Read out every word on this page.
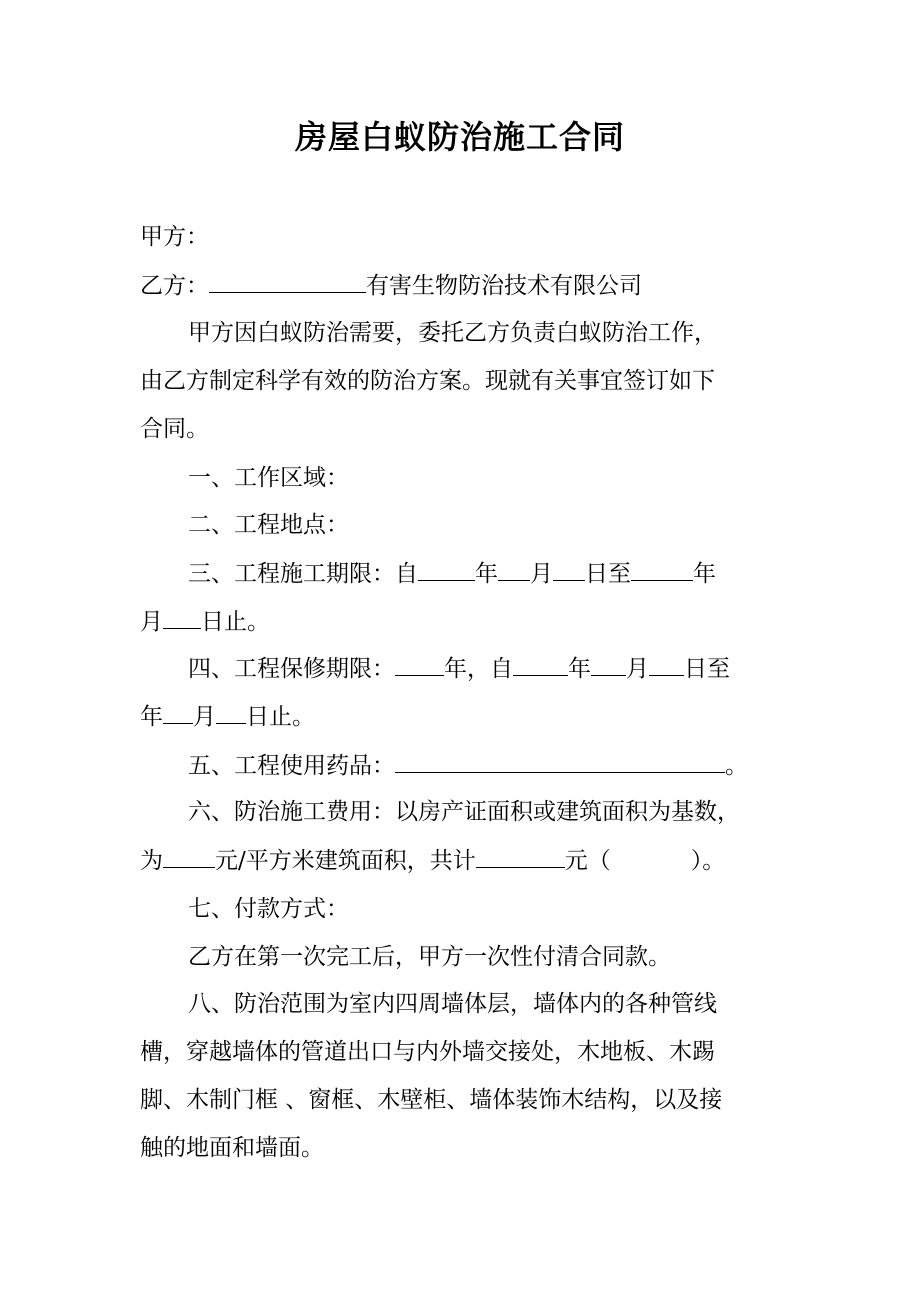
房屋白蚁防治施工合同
甲方：
乙方：	有害生物防治技术有限公司
甲方因白蚁防治需要，委托乙方负责白蚁防治工作，
由乙方制定科学有效的防治方案。现就有关事宜签订如下
合同。
一、工作区域：
二、工程地点：
三、工程施工期限：自 年 月 日至	年
月 日止。
四、工程保修期限： 年，自 年 月 日至
年 月 日止。
五、工程使用药品：	。
六、防治施工费用：以房产证面积或建筑面积为基数，
为 元/平方米建筑面积，共计	元（	）。
七、付款方式：
乙方在第一次完工后，甲方一次性付清合同款。
八、防治范围为室内四周墙体层，墙体内的各种管线
槽，穿越墙体的管道出口与内外墙交接处，木地板、木踢
脚、木制门框 、窗框、木壁柜、墙体装饰木结构，以及接
触的地面和墙面。
